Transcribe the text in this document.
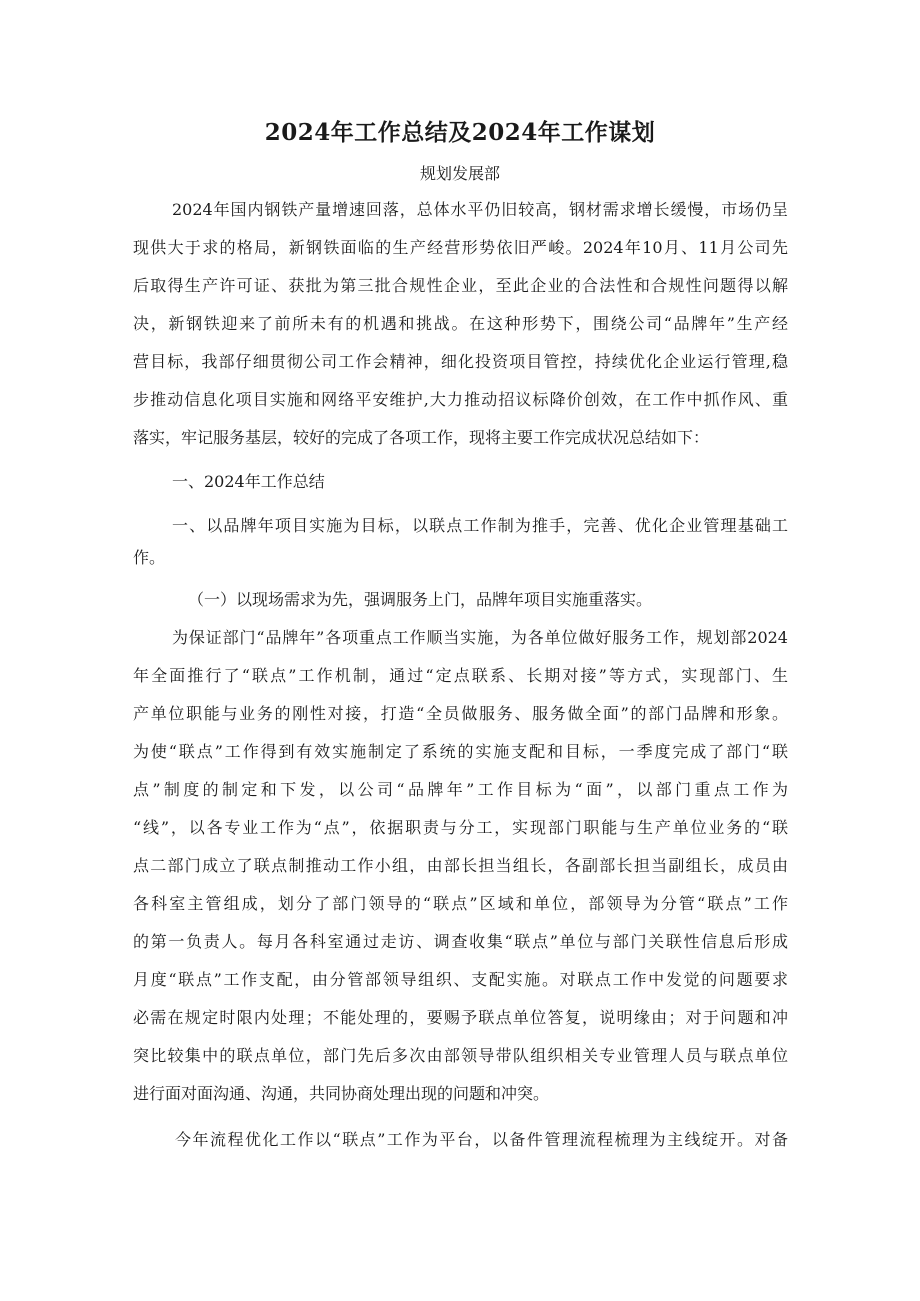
2024年工作总结及2024年工作谋划
规划发展部
2024年国内钢铁产量增速回落，总体水平仍旧较高，钢材需求增长缓慢，市场仍呈
现供大于求的格局，新钢铁面临的生产经营形势依旧严峻。2024年10月、11月公司先
后取得生产许可证、获批为第三批合规性企业，至此企业的合法性和合规性问题得以解
决，新钢铁迎来了前所未有的机遇和挑战。在这种形势下，围绕公司“品牌年”生产经
营目标，我部仔细贯彻公司工作会精神，细化投资项目管控，持续优化企业运行管理,稳
步推动信息化项目实施和网络平安维护,大力推动招议标降价创效，在工作中抓作风、重
落实，牢记服务基层，较好的完成了各项工作，现将主要工作完成状况总结如下：
一、2024年工作总结
一、以品牌年项目实施为目标，以联点工作制为推手，完善、优化企业管理基础工
作。
（一）以现场需求为先，强调服务上门，品牌年项目实施重落实。
为保证部门“品牌年”各项重点工作顺当实施，为各单位做好服务工作，规划部2024
年全面推行了“联点”工作机制，通过“定点联系、长期对接”等方式，实现部门、生
产单位职能与业务的刚性对接，打造“全员做服务、服务做全面”的部门品牌和形象。
为使“联点”工作得到有效实施制定了系统的实施支配和目标，一季度完成了部门“联
点”制度的制定和下发，以公司“品牌年”工作目标为“面”，以部门重点工作为
“线”，以各专业工作为“点”，依据职责与分工，实现部门职能与生产单位业务的“联
点二部门成立了联点制推动工作小组，由部长担当组长，各副部长担当副组长，成员由
各科室主管组成，划分了部门领导的“联点”区域和单位，部领导为分管“联点”工作
的第一负责人。每月各科室通过走访、调查收集“联点”单位与部门关联性信息后形成
月度“联点”工作支配，由分管部领导组织、支配实施。对联点工作中发觉的问题要求
必需在规定时限内处理；不能处理的，要赐予联点单位答复，说明缘由；对于问题和冲
突比较集中的联点单位，部门先后多次由部领导带队组织相关专业管理人员与联点单位
进行面对面沟通、沟通，共同协商处理出现的问题和冲突。
今年流程优化工作以“联点”工作为平台，以备件管理流程梳理为主线绽开。对备
